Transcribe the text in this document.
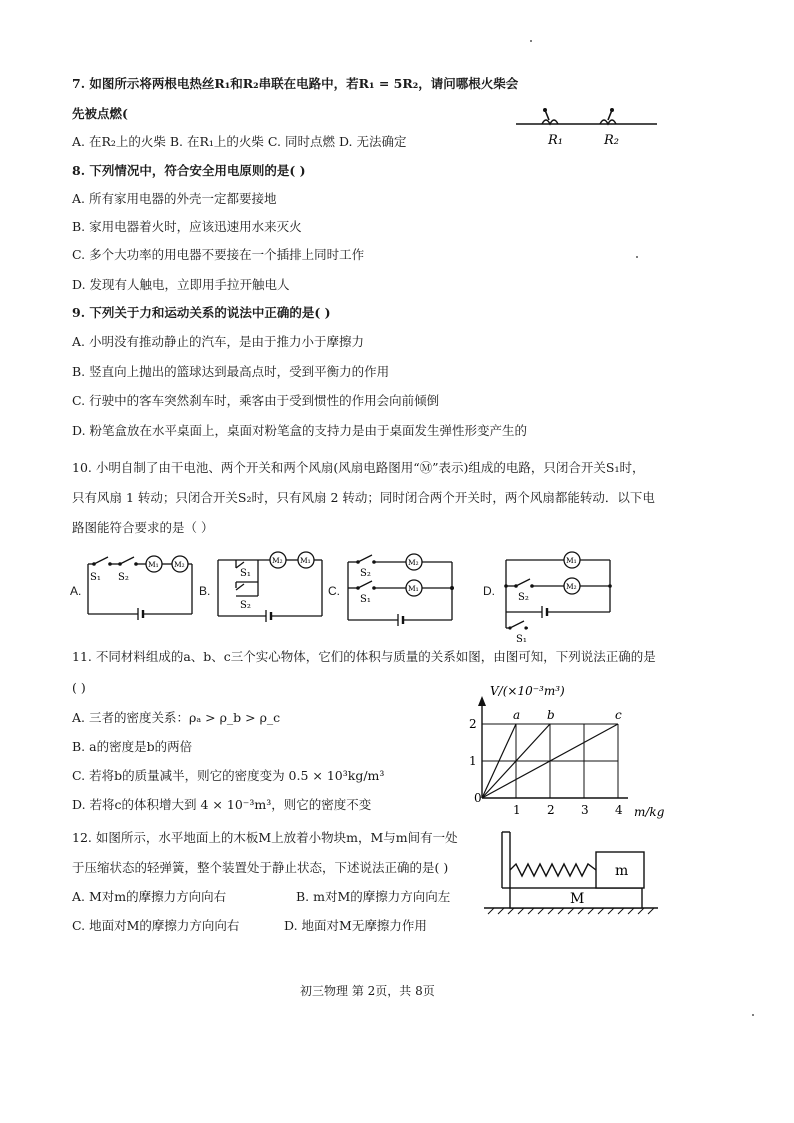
7. 如图所示将两根电热丝R₁和R₂串联在电路中，若R₁ = 5R₂，请问哪根火柴会
先被点燃(
A. 在R₂上的火柴 B. 在R₁上的火柴 C. 同时点燃 D. 无法确定	R₁	R₂
8. 下列情况中，符合安全用电原则的是( )
A. 所有家用电器的外壳一定都要接地
B. 家用电器着火时，应该迅速用水来灭火
C. 多个大功率的用电器不要接在一个插排上同时工作
D. 发现有人触电，立即用手拉开触电人
9. 下列关于力和运动关系的说法中正确的是( )
A. 小明没有推动静止的汽车，是由于推力小于摩擦力
B. 竖直向上抛出的篮球达到最高点时，受到平衡力的作用
C. 行驶中的客车突然刹车时，乘客由于受到惯性的作用会向前倾倒
D. 粉笔盒放在水平桌面上，桌面对粉笔盒的支持力是由于桌面发生弹性形变产生的
10. 小明自制了由干电池、两个开关和两个风扇(风扇电路图用“Ⓜ”表示)组成的电路，只闭合开关S₁时，
只有风扇 1 转动；只闭合开关S₂时，只有风扇 2 转动；同时闭合两个开关时，两个风扇都能转动．以下电
路图能符合要求的是（ ）
A.
S₁ S₂
M₁ M₂
B.
S₁
S₂
M₂ M₁
C.
S₂
S₁
M₂
M₁	D. S₂
S₁
M₁
M₂
11. 不同材料组成的a、b、c三个实心物体，它们的体积与质量的关系如图，由图可知，下列说法正确的是
( )
A. 三者的密度关系：ρₐ > ρ_b > ρ_c
B. a的密度是b的两倍
C. 若将b的质量减半，则它的密度变为 0.5 × 10³kg/m³
D. 若将c的体积增大到 4 × 10⁻³m³，则它的密度不变
V/(×10⁻³m³)
m/kg
0
1 2 3 4
1
2
a b	c
12. 如图所示，水平地面上的木板M上放着小物块m，M与m间有一处
于压缩状态的轻弹簧，整个装置处于静止状态，下述说法正确的是( )
A. M对m的摩擦力方向向右	B. m对M的摩擦力方向向左
C. 地面对M的摩擦力方向向右	D. 地面对M无摩擦力作用
m
M
初三物理 第 2页，共 8页
